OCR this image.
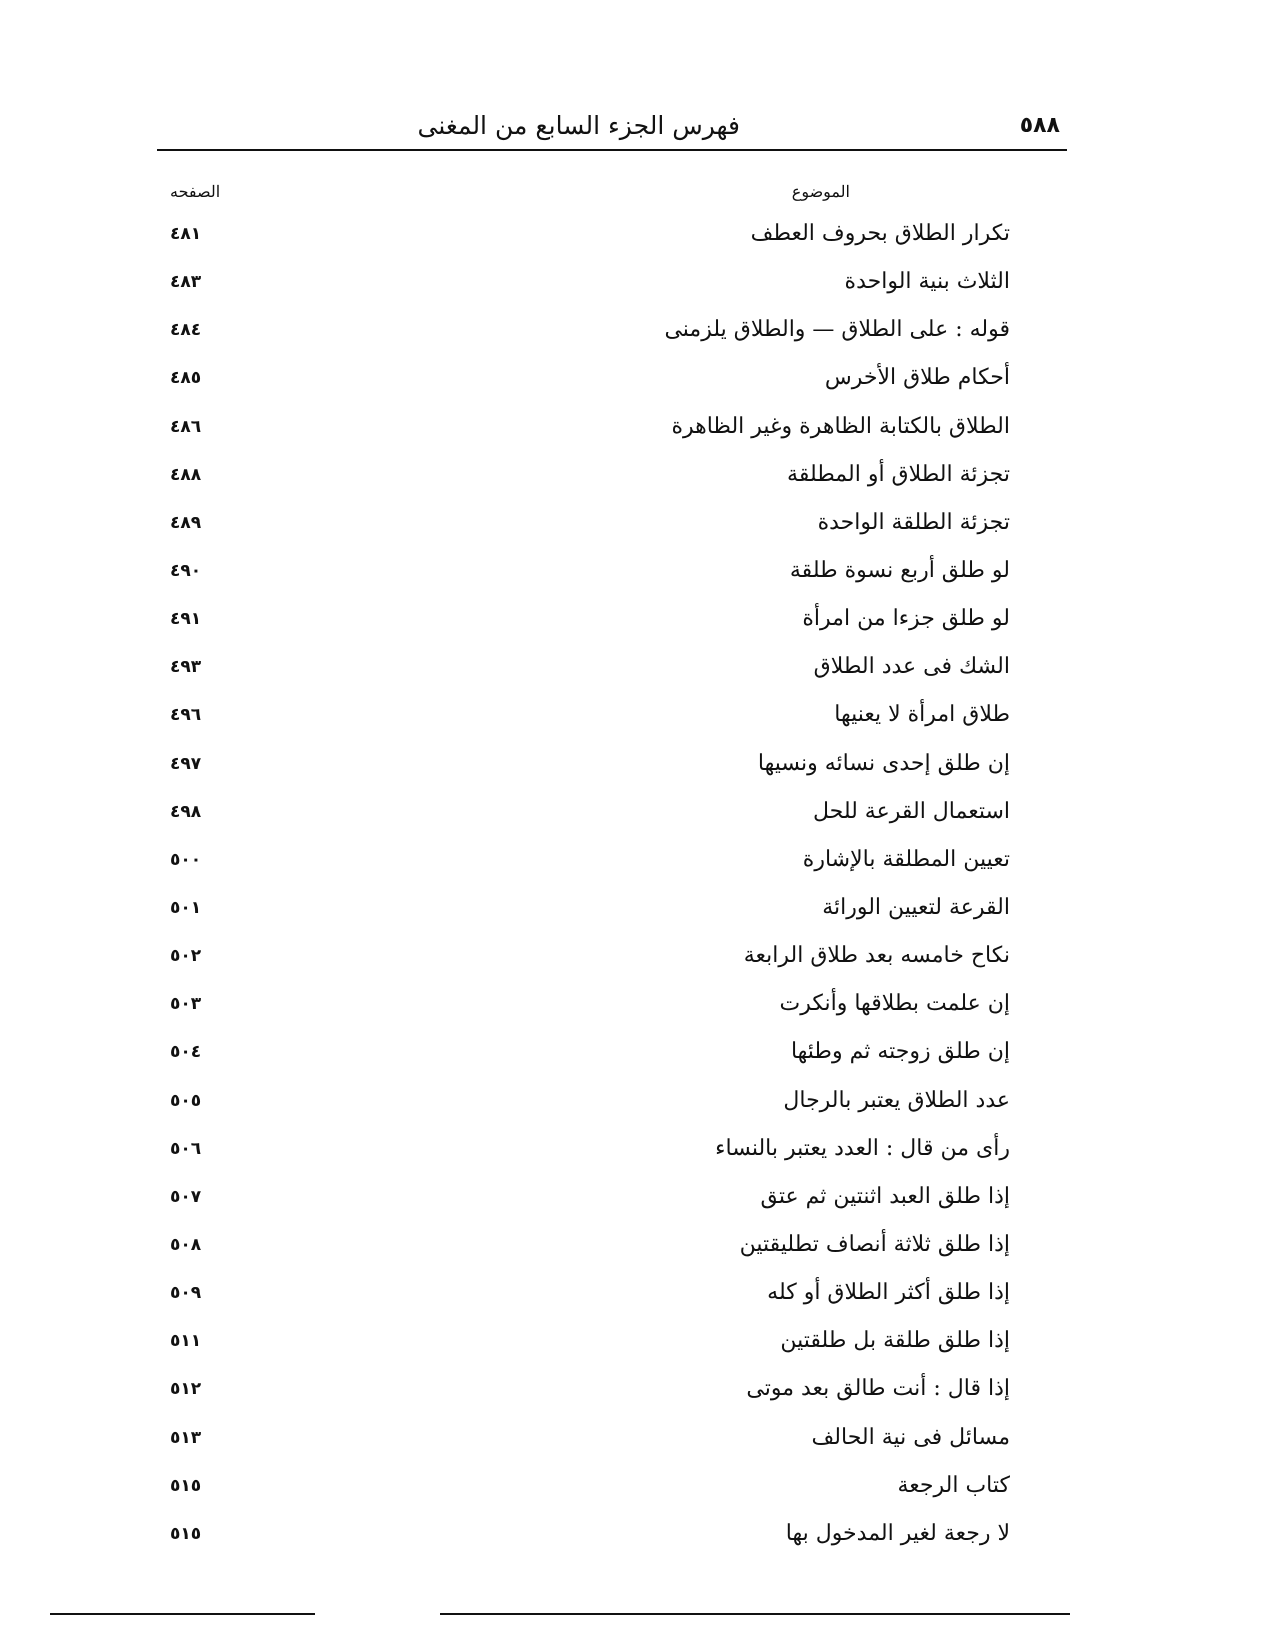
فهرس الجزء السابع من المغنى	٥٨٨
الموضوع
الصفحه
تكرار الطلاق بحروف العطف
٤٨١
الثلاث بنية الواحدة
٤٨٣
قوله : على الطلاق — والطلاق يلزمنى
٤٨٤
أحكام طلاق الأخرس
٤٨٥
الطلاق بالكتابة الظاهرة وغير الظاهرة
٤٨٦
تجزئة الطلاق أو المطلقة
٤٨٨
تجزئة الطلقة الواحدة
٤٨٩
لو طلق أربع نسوة طلقة
٤٩٠
لو طلق جزءا من امرأة
٤٩١
الشك فى عدد الطلاق
٤٩٣
طلاق امرأة لا يعنيها
٤٩٦
إن طلق إحدى نسائه ونسيها
٤٩٧
استعمال القرعة للحل
٤٩٨
تعيين المطلقة بالإشارة
٥٠٠
القرعة لتعيين الورائة
٥٠١
نكاح خامسه بعد طلاق الرابعة
٥٠٢
إن علمت بطلاقها وأنكرت
٥٠٣
إن طلق زوجته ثم وطئها
٥٠٤
عدد الطلاق يعتبر بالرجال
٥٠٥
رأى من قال : العدد يعتبر بالنساء
٥٠٦
إذا طلق العبد اثنتين ثم عتق
٥٠٧
إذا طلق ثلاثة أنصاف تطليقتين
٥٠٨
إذا طلق أكثر الطلاق أو كله
٥٠٩
إذا طلق طلقة بل طلقتين
٥١١
إذا قال : أنت طالق بعد موتى
٥١٢
مسائل فى نية الحالف
٥١٣
كتاب الرجعة
٥١٥
لا رجعة لغير المدخول بها
٥١٥
